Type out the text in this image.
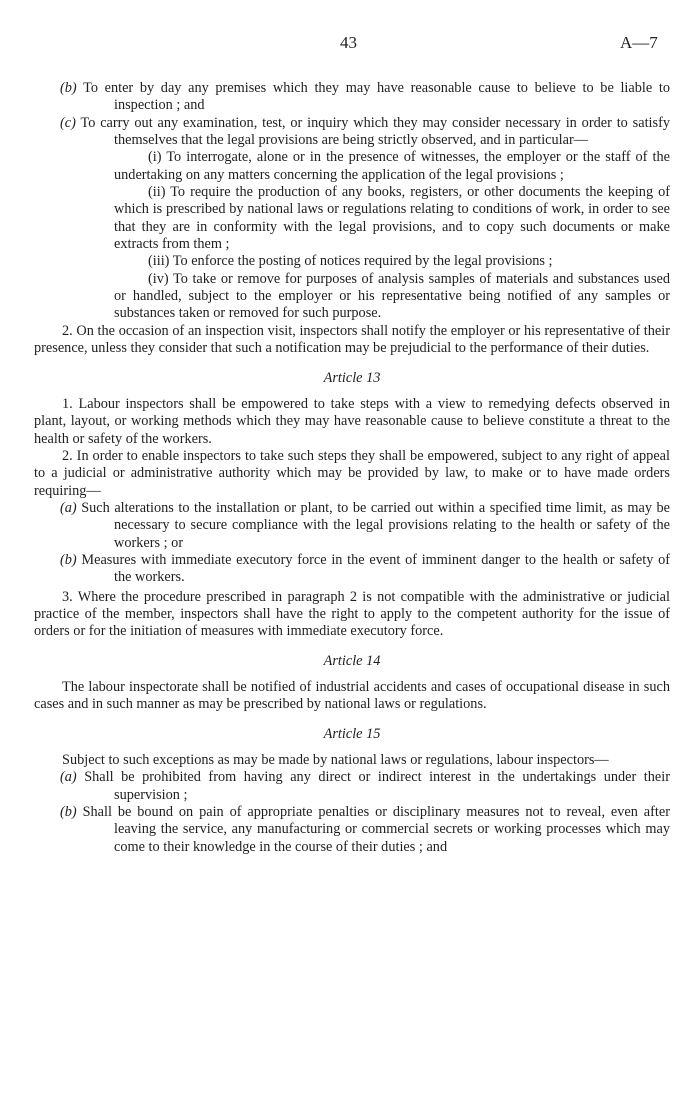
43	A—7

(b) To enter by day any premises which they may have reasonable cause to believe to be liable to inspection ; and

(c) To carry out any examination, test, or inquiry which they may consider necessary in order to satisfy themselves that the legal provisions are being strictly observed, and in particular—

(i) To interrogate, alone or in the presence of witnesses, the employer or the staff of the undertaking on any matters concerning the application of the legal provisions ;

(ii) To require the production of any books, registers, or other documents the keeping of which is prescribed by national laws or regulations relating to conditions of work, in order to see that they are in conformity with the legal provisions, and to copy such documents or make extracts from them ;

(iii) To enforce the posting of notices required by the legal provisions ;

(iv) To take or remove for purposes of analysis samples of materials and substances used or handled, subject to the employer or his representative being notified of any samples or substances taken or removed for such purpose.

2. On the occasion of an inspection visit, inspectors shall notify the employer or his representative of their presence, unless they consider that such a notification may be prejudicial to the performance of their duties.

Article 13

1. Labour inspectors shall be empowered to take steps with a view to remedying defects observed in plant, layout, or working methods which they may have reasonable cause to believe constitute a threat to the health or safety of the workers.

2. In order to enable inspectors to take such steps they shall be empowered, subject to any right of appeal to a judicial or administrative authority which may be provided by law, to make or to have made orders requiring—

(a) Such alterations to the installation or plant, to be carried out within a specified time limit, as may be necessary to secure compliance with the legal provisions relating to the health or safety of the workers ; or

(b) Measures with immediate executory force in the event of imminent danger to the health or safety of the workers.

3. Where the procedure prescribed in paragraph 2 is not compatible with the administrative or judicial practice of the member, inspectors shall have the right to apply to the competent authority for the issue of orders or for the initiation of measures with immediate executory force.

Article 14

The labour inspectorate shall be notified of industrial accidents and cases of occupational disease in such cases and in such manner as may be prescribed by national laws or regulations.

Article 15

Subject to such exceptions as may be made by national laws or regulations, labour inspectors—

(a) Shall be prohibited from having any direct or indirect interest in the undertakings under their supervision ;

(b) Shall be bound on pain of appropriate penalties or disciplinary measures not to reveal, even after leaving the service, any manufacturing or commercial secrets or working processes which may come to their knowledge in the course of their duties ; and
